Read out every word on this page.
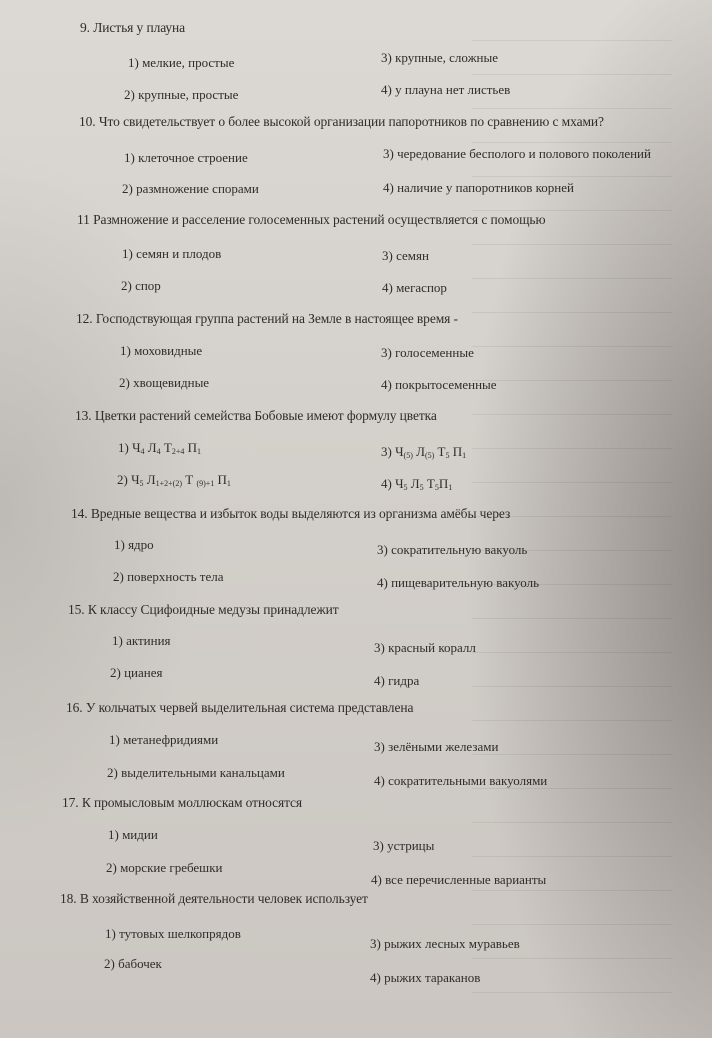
9. Листья у плауна
1) мелкие, простые
2) крупные, простые
3) крупные, сложные
4) у плауна нет листьев
10. Что свидетельствует о более высокой организации папоротников по сравнению с мхами?
1) клеточное строение
2) размножение спорами
3) чередование бесполого и полового поколений
4) наличие у папоротников корней
11 Размножение и расселение голосеменных растений осуществляется с помощью
1) семян и плодов
2) спор
3) семян
4) мегаспор
12. Господствующая группа растений на Земле в настоящее время -
1) моховидные
2) хвощевидные
3) голосеменные
4) покрытосеменные
13. Цветки растений семейства Бобовые имеют формулу цветка
1) $Ч_4$ $Л_4$ $Т_{2+4}$ $П_1$
2) $Ч_5$ $Л_{1+2+(2)}$ Т $_{(9)+1}$ $П_1$
3) $Ч_{(5)}$ $Л_{(5)}$ $Т_5$ $П_1$
4) $Ч_5$ $Л_5$ $Т_5П_1$
14. Вредные вещества и избыток воды выделяются из организма амёбы через
1) ядро
2) поверхность тела
3) сократительную вакуоль
4) пищеварительную вакуоль
15. К классу Сцифоидные медузы принадлежит
1) актиния
2) цианея
3) красный коралл
4) гидра
16. У кольчатых червей выделительная система представлена
1) метанефридиями
2) выделительными канальцами
3) зелёными железами
4) сократительными вакуолями
17. К промысловым моллюскам относятся
1) мидии
2) морские гребешки
3) устрицы
4) все перечисленные варианты
18. В хозяйственной деятельности человек использует
1) тутовых шелкопрядов
2) бабочек
3) рыжих лесных муравьев
4) рыжих тараканов
